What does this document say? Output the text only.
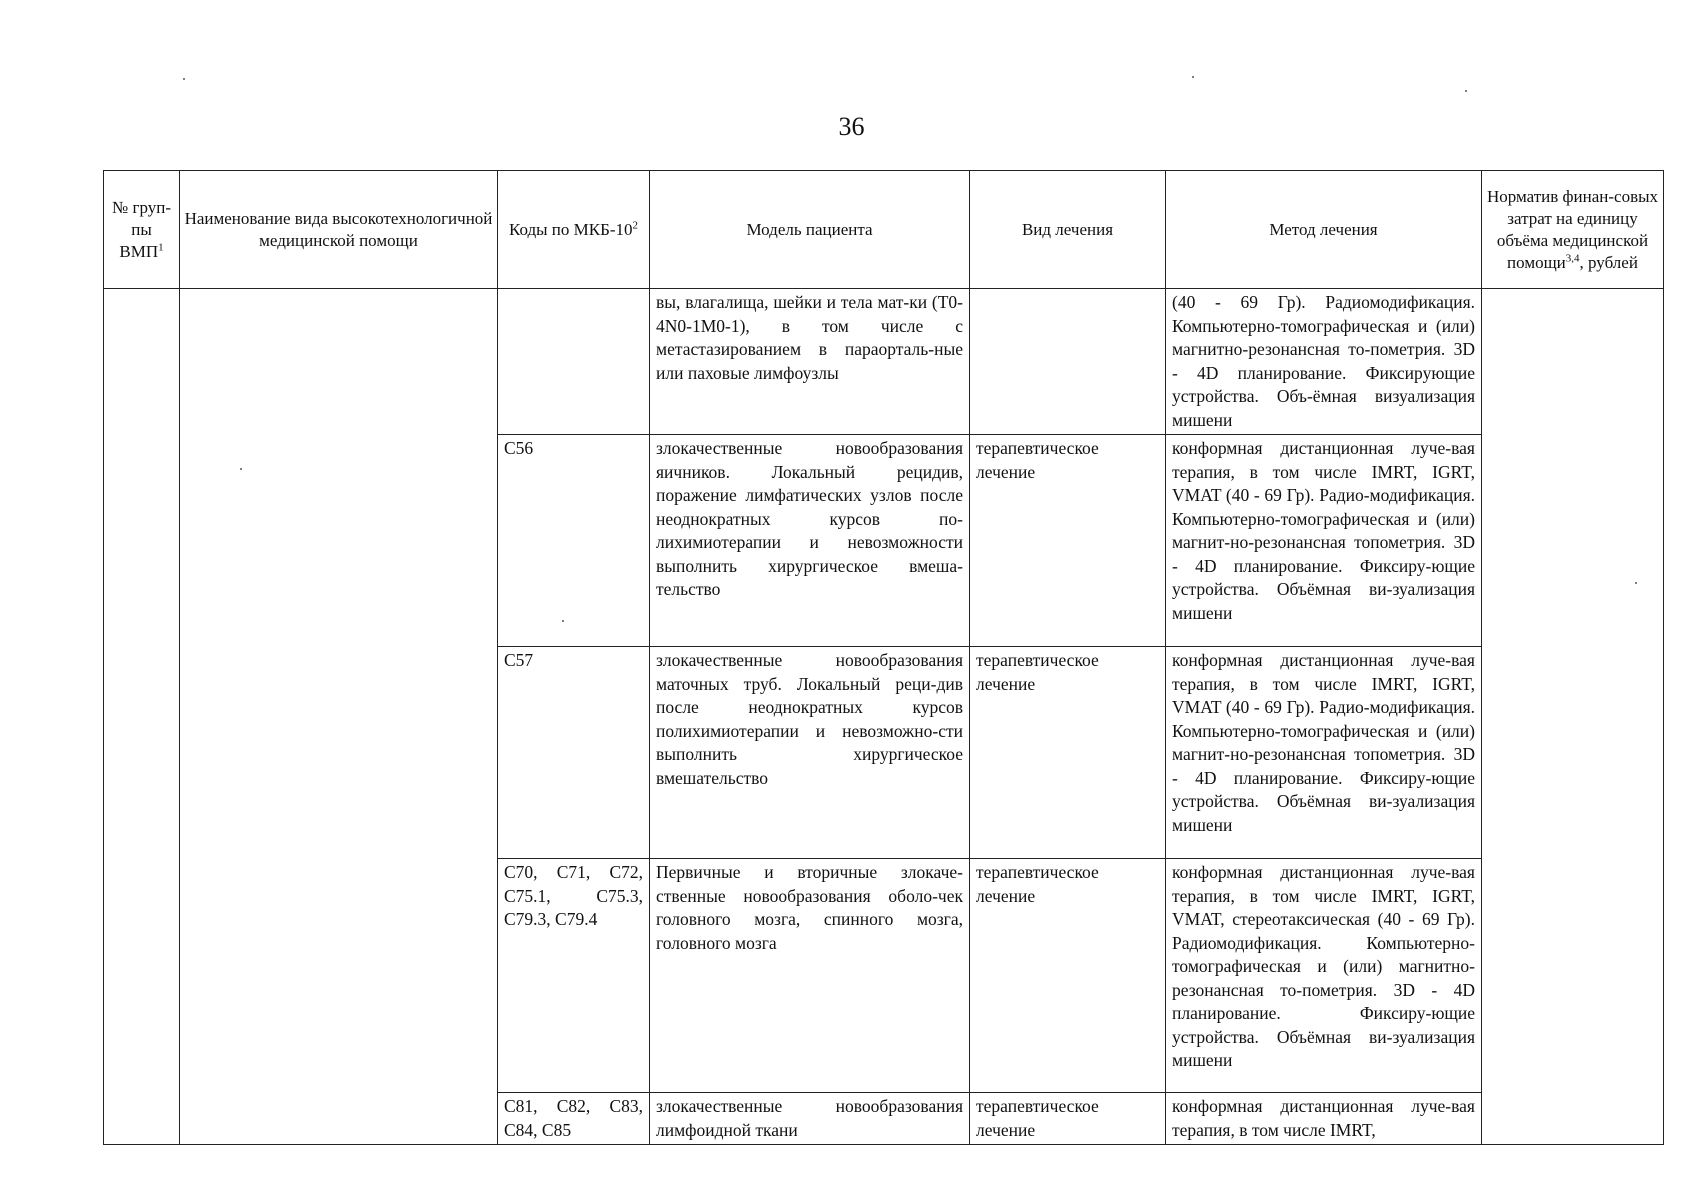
36
№ груп-пы ВМП$^1$	Наименование вида высокотехнологичной медицинской помощи	Коды по МКБ-$10^2$	Модель пациента	Вид лечения	Метод лечения	Норматив финан-совых затрат на единицу объёма медицинской помощи$^{3,4}$, рублей
			вы, влагалища, шейки и тела мат-ки (Т0-4N0-1M0-1), в том числе с метастазированием в параорталь-ные или паховые лимфоузлы		(40 - 69 Гр). Радиомодификация. Компьютерно-томографическая и (или) магнитно-резонансная то-пометрия. 3D - 4D планирование. Фиксирующие устройства. Объ-ёмная визуализация мишени	
		С56	злокачественные новообразования яичников. Локальный рецидив, поражение лимфатических узлов после неоднократных курсов по-лихимиотерапии и невозможности выполнить хирургическое вмеша-тельство	терапевтическое лечение	конформная дистанционная луче-вая терапия, в том числе IMRT, IGRT, VMAT (40 - 69 Гр). Радио-модификация. Компьютерно-томографическая и (или) магнит-но-резонансная топометрия. 3D - 4D планирование. Фиксиру-ющие устройства. Объёмная ви-зуализация мишени	
		С57	злокачественные новообразования маточных труб. Локальный реци-див после неоднократных курсов полихимиотерапии и невозможно-сти выполнить хирургическое вмешательство	терапевтическое лечение	конформная дистанционная луче-вая терапия, в том числе IMRT, IGRT, VMAT (40 - 69 Гр). Радио-модификация. Компьютерно-томографическая и (или) магнит-но-резонансная топометрия. 3D - 4D планирование. Фиксиру-ющие устройства. Объёмная ви-зуализация мишени	
		С70, С71, С72, С75.1, С75.3, С79.3, С79.4	Первичные и вторичные злокаче-ственные новообразования оболо-чек головного мозга, спинного мозга, головного мозга	терапевтическое лечение	конформная дистанционная луче-вая терапия, в том числе IMRT, IGRT, VMAT, стереотаксическая (40 - 69 Гр). Радиомодификация. Компьютерно-томографическая и (или) магнитно-резонансная то-пометрия. 3D - 4D планирование. Фиксиру-ющие устройства. Объёмная ви-зуализация мишени	
		С81, С82, С83, С84, С85	злокачественные новообразования лимфоидной ткани	терапевтическое лечение	конформная дистанционная луче-вая терапия, в том числе IMRT,	
